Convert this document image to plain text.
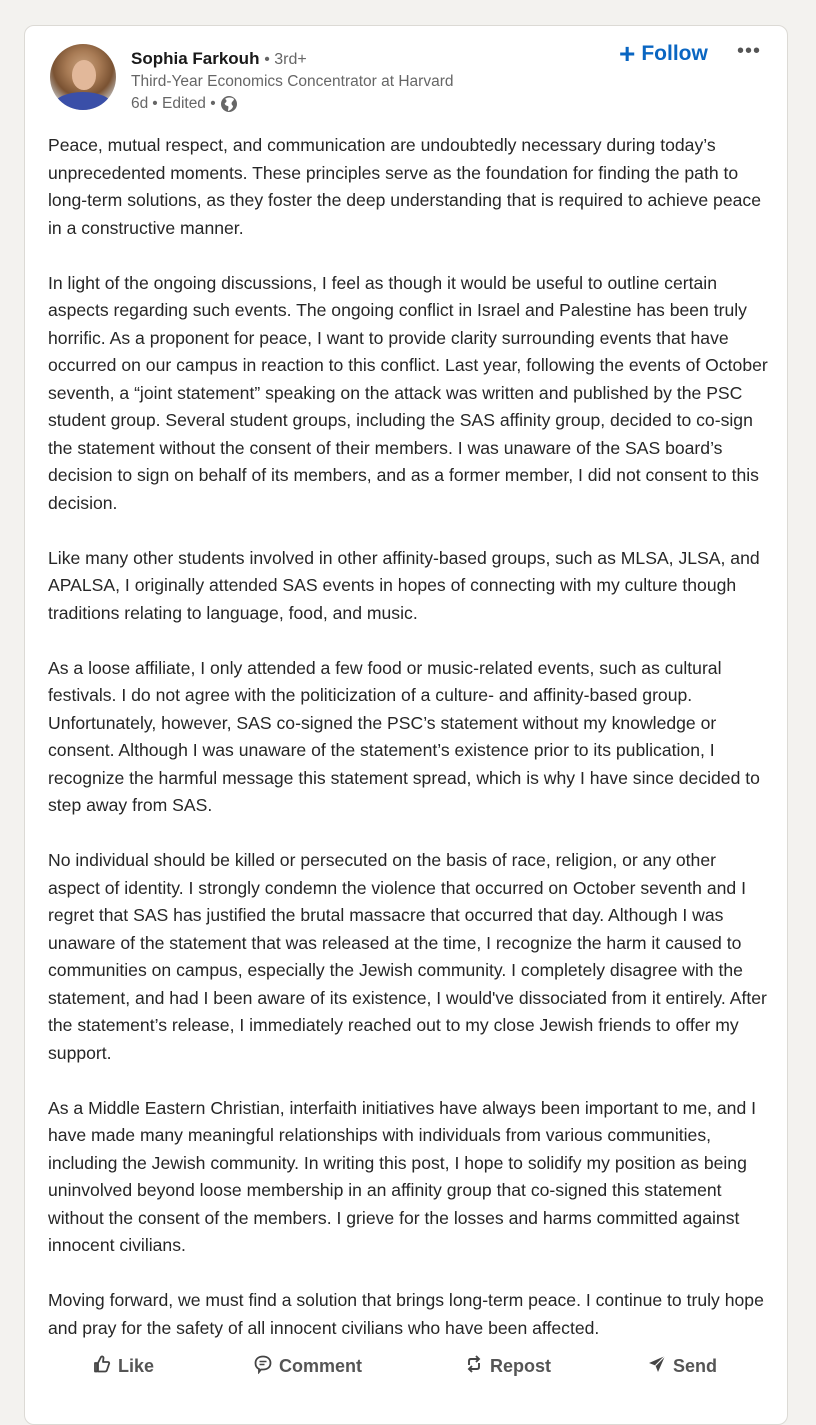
Sophia Farkouh • 3rd+
Third-Year Economics Concentrator at Harvard
6d • Edited •
+ Follow •••

Peace, mutual respect, and communication are undoubtedly necessary during today’s unprecedented moments. These principles serve as the foundation for finding the path to long-term solutions, as they foster the deep understanding that is required to achieve peace in a constructive manner.

In light of the ongoing discussions, I feel as though it would be useful to outline certain aspects regarding such events. The ongoing conflict in Israel and Palestine has been truly horrific. As a proponent for peace, I want to provide clarity surrounding events that have occurred on our campus in reaction to this conflict. Last year, following the events of October seventh, a “joint statement” speaking on the attack was written and published by the PSC student group. Several student groups, including the SAS affinity group, decided to co-sign the statement without the consent of their members. I was unaware of the SAS board’s decision to sign on behalf of its members, and as a former member, I did not consent to this decision.

Like many other students involved in other affinity-based groups, such as MLSA, JLSA, and APALSA, I originally attended SAS events in hopes of connecting with my culture though traditions relating to language, food, and music.

As a loose affiliate, I only attended a few food or music-related events, such as cultural festivals. I do not agree with the politicization of a culture- and affinity-based group. Unfortunately, however, SAS co-signed the PSC’s statement without my knowledge or consent. Although I was unaware of the statement’s existence prior to its publication, I recognize the harmful message this statement spread, which is why I have since decided to step away from SAS.

No individual should be killed or persecuted on the basis of race, religion, or any other aspect of identity. I strongly condemn the violence that occurred on October seventh and I regret that SAS has justified the brutal massacre that occurred that day. Although I was unaware of the statement that was released at the time, I recognize the harm it caused to communities on campus, especially the Jewish community. I completely disagree with the statement, and had I been aware of its existence, I would've dissociated from it entirely. After the statement’s release, I immediately reached out to my close Jewish friends to offer my support.

As a Middle Eastern Christian, interfaith initiatives have always been important to me, and I have made many meaningful relationships with individuals from various communities, including the Jewish community. In writing this post, I hope to solidify my position as being uninvolved beyond loose membership in an affinity group that co-signed this statement without the consent of the members. I grieve for the losses and harms committed against innocent civilians.

Moving forward, we must find a solution that brings long-term peace. I continue to truly hope and pray for the safety of all innocent civilians who have been affected.

Like	Comment	Repost	Send
